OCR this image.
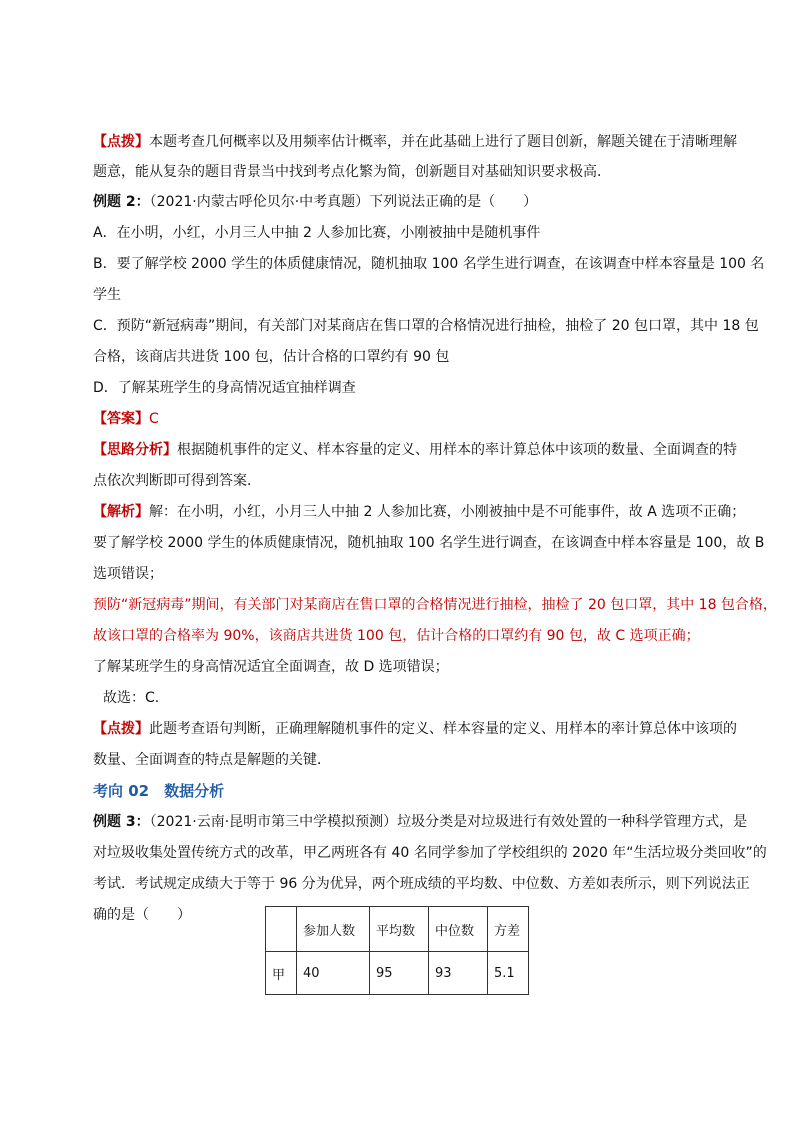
【点拨】本题考查几何概率以及用频率估计概率，并在此基础上进行了题目创新，解题关键在于清晰理解
题意，能从复杂的题目背景当中找到考点化繁为简，创新题目对基础知识要求极高．
例题 2：（2021·内蒙古呼伦贝尔·中考真题）下列说法正确的是（　　）
A．在小明，小红，小月三人中抽 2 人参加比赛，小刚被抽中是随机事件
B．要了解学校 2000 学生的体质健康情况，随机抽取 100 名学生进行调查，在该调查中样本容量是 100 名
学生
C．预防“新冠病毒”期间，有关部门对某商店在售口罩的合格情况进行抽检，抽检了 20 包口罩，其中 18 包
合格，该商店共进货 100 包，估计合格的口罩约有 90 包
D．了解某班学生的身高情况适宜抽样调查
【答案】C
【思路分析】根据随机事件的定义、样本容量的定义、用样本的率计算总体中该项的数量、全面调查的特
点依次判断即可得到答案．
【解析】解：在小明，小红，小月三人中抽 2 人参加比赛，小刚被抽中是不可能事件，故 A 选项不正确；
要了解学校 2000 学生的体质健康情况，随机抽取 100 名学生进行调查，在该调查中样本容量是 100，故 B
选项错误；
预防“新冠病毒”期间，有关部门对某商店在售口罩的合格情况进行抽检，抽检了 20 包口罩，其中 18 包合格，
故该口罩的合格率为 90%，该商店共进货 100 包，估计合格的口罩约有 90 包，故 C 选项正确；
了解某班学生的身高情况适宜全面调查，故 D 选项错误；
故选：C.
【点拨】此题考查语句判断，正确理解随机事件的定义、样本容量的定义、用样本的率计算总体中该项的
数量、全面调查的特点是解题的关键．
考向 02　数据分析
例题 3：（2021·云南·昆明市第三中学模拟预测）垃圾分类是对垃圾进行有效处置的一种科学管理方式，是
对垃圾收集处置传统方式的改革，甲乙两班各有 40 名同学参加了学校组织的 2020 年“生活垃圾分类回收”的
考试．考试规定成绩大于等于 96 分为优异，两个班成绩的平均数、中位数、方差如表所示，则下列说法正
确的是（　　）
	参加人数	平均数	中位数	方差
甲	40	95	93	5.1
